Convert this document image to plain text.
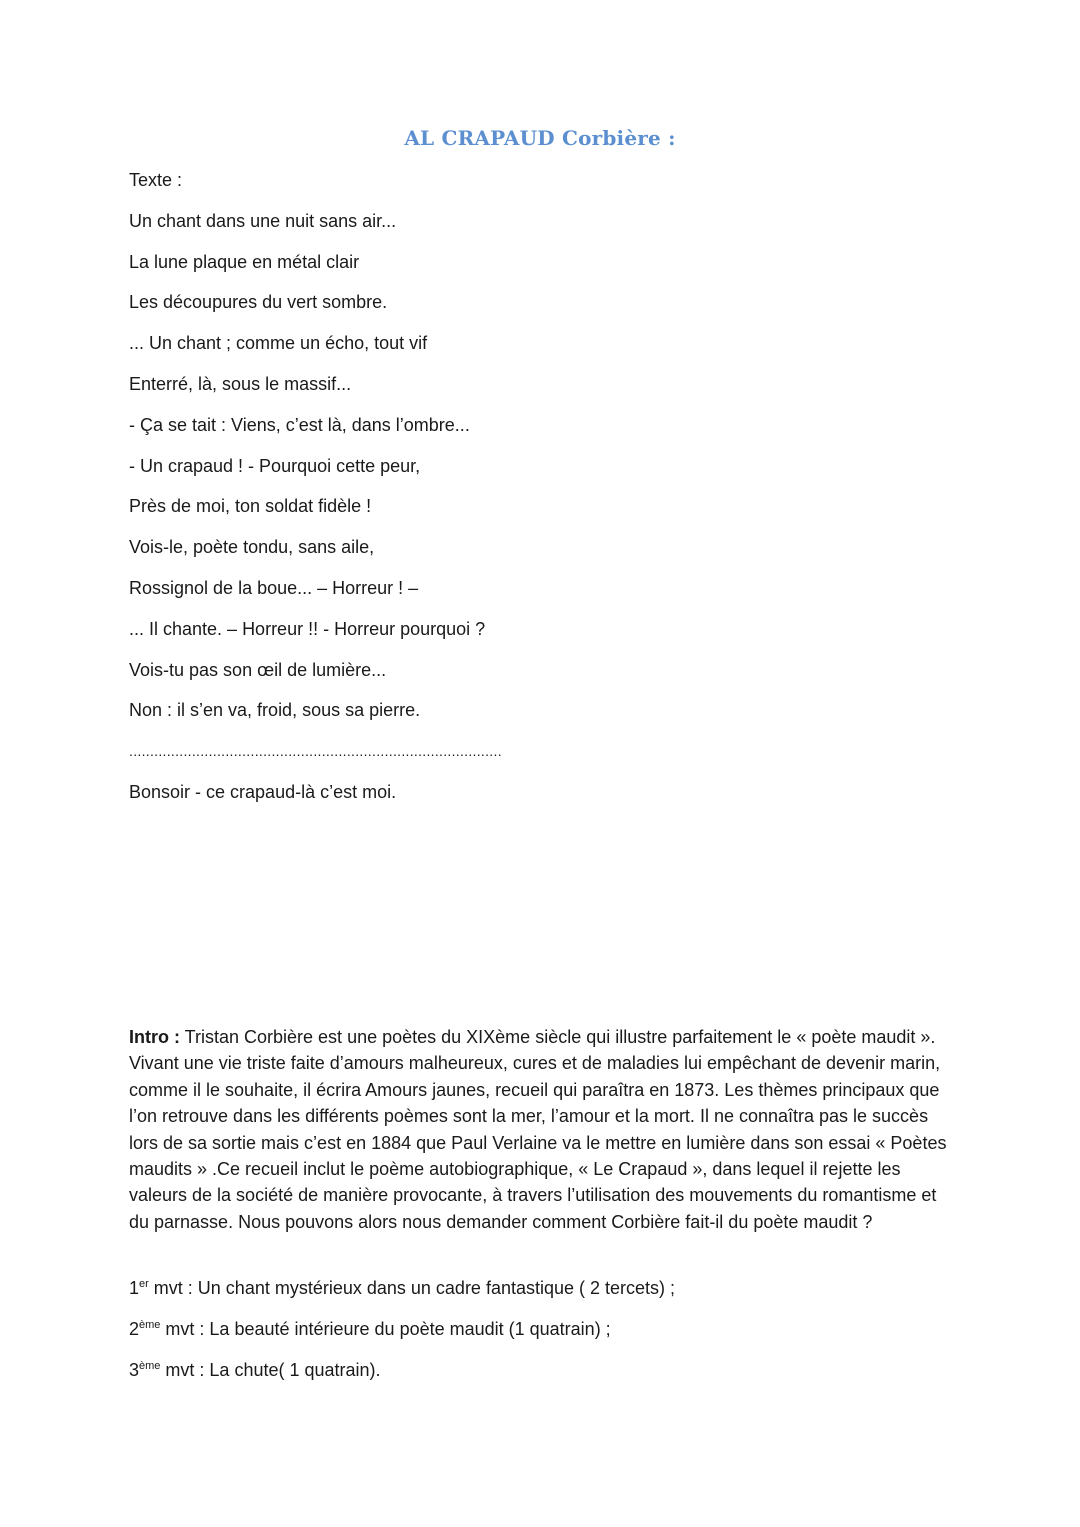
AL CRAPAUD Corbière :
Texte :
Un chant dans une nuit sans air...
La lune plaque en métal clair
Les découpures du vert sombre.
... Un chant ; comme un écho, tout vif
Enterré, là, sous le massif...
- Ça se tait : Viens, c’est là, dans l’ombre...
- Un crapaud ! - Pourquoi cette peur,
Près de moi, ton soldat fidèle !
Vois-le, poète tondu, sans aile,
Rossignol de la boue... – Horreur ! –
... Il chante. – Horreur !! - Horreur pourquoi ?
Vois-tu pas son œil de lumière...
Non : il s’en va, froid, sous sa pierre.
.........................................................................................
Bonsoir - ce crapaud-là c’est moi.
Intro : Tristan Corbière est une poètes du XIXème siècle qui illustre parfaitement le « poète maudit ». Vivant une vie triste faite d’amours malheureux, cures et de maladies lui empêchant de devenir marin, comme il le souhaite, il écrira Amours jaunes, recueil qui paraîtra en 1873. Les thèmes principaux que l’on retrouve dans les différents poèmes sont la mer, l’amour et la mort. Il ne connaîtra pas le succès lors de sa sortie mais c’est en 1884 que Paul Verlaine va le mettre en lumière dans son essai « Poètes maudits » .Ce recueil inclut le poème autobiographique, « Le Crapaud », dans lequel il rejette les valeurs de la société de manière provocante, à travers l’utilisation des mouvements du romantisme et du parnasse. Nous pouvons alors nous demander comment Corbière fait-il du poète maudit ?
1er mvt : Un chant mystérieux dans un cadre fantastique ( 2 tercets) ;
2ème mvt : La beauté intérieure du poète maudit (1 quatrain) ;
3ème mvt : La chute( 1 quatrain).
